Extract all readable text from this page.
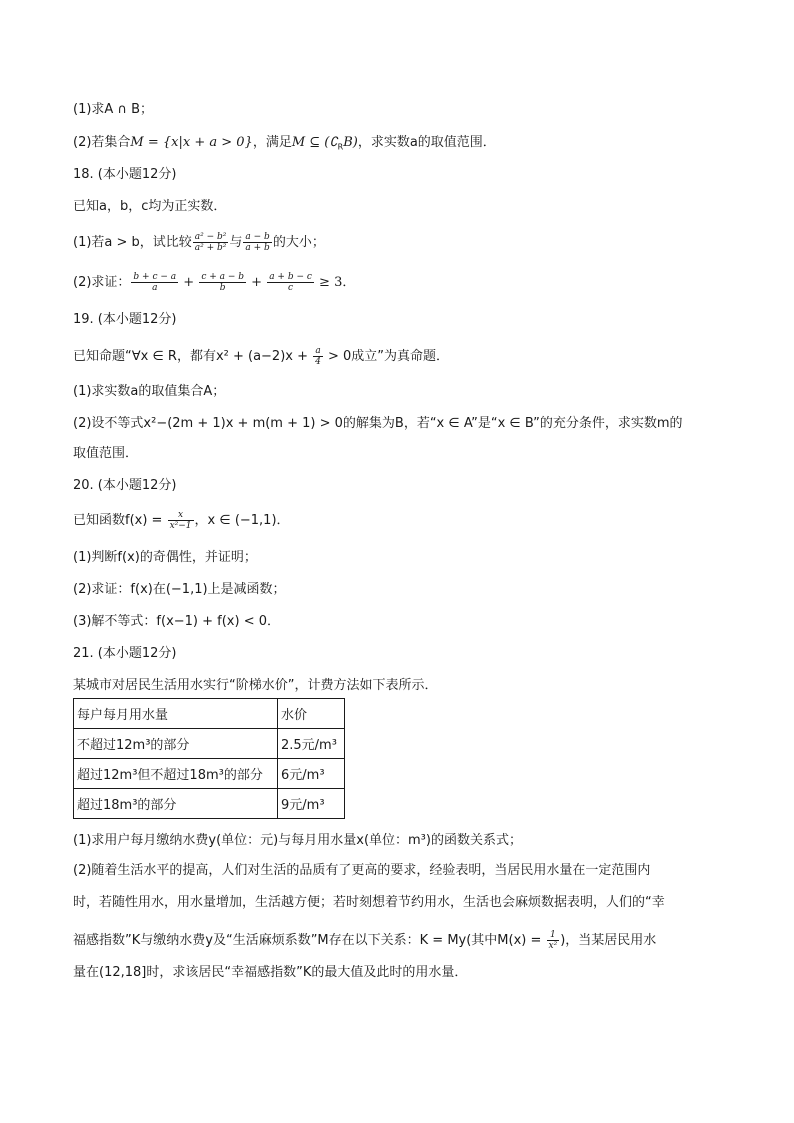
(1)求A ∩ B；
(2)若集合M = {x|x + a > 0}，满足M ⊆ $(∁_RB)$，求实数a的取值范围．
18. (本小题12分)
已知a，b，c均为正实数．
(1)若a > b，试比较 $\frac{\text{a² − b²}}{\text{a² + b²}}$ 与 $\frac{a - b}{a + b}$ 的大小；
(2)求证： $\frac{b + c - a}{a} + \frac{c + a - b}{b} + \frac{a + b - c}{c} \ge 3$．
19. (本小题12分)
已知命题“∀x ∈ R，都有$x^2 + (a-2)x + \frac{a}{4} > 0$成立”为真命题．
(1)求实数a的取值集合A；
(2)设不等式x²−(2m + 1)x + m(m + 1) > 0的解集为B，若“x ∈ A”是“x ∈ B”的充分条件，求实数m的
取值范围．
20. (本小题12分)
已知函数$f(x) = \frac{x}{\text{x²−1}}$ ，x ∈ (−1,1)．
(1)判断f(x)的奇偶性，并证明；
(2)求证：f(x)在(−1,1)上是减函数；
(3)解不等式：f(x−1) + f(x) < 0．
21. (本小题12分)
某城市对居民生活用水实行“阶梯水价”，计费方法如下表所示．
每户每月用水量	水价
不超过12m³的部分	2.5元/m³
超过12m³但不超过18m³的部分	6元/m³
超过18m³的部分	9元/m³
(1)求用户每月缴纳水费y(单位：元)与每月用水量x(单位：m³)的函数关系式；
(2)随着生活水平的提高，人们对生活的品质有了更高的要求，经验表明，当居民用水量在一定范围内
时，若随性用水，用水量增加，生活越方便；若时刻想着节约用水，生活也会麻烦数据表明，人们的“幸
福感指数”K与缴纳水费y及“生活麻烦系数”M存在以下关系：K = My(其中$M(x) = \frac{1}{\text{x²}}$ )，当某居民用水
量在(12,18]时，求该居民“幸福感指数”K的最大值及此时的用水量．
